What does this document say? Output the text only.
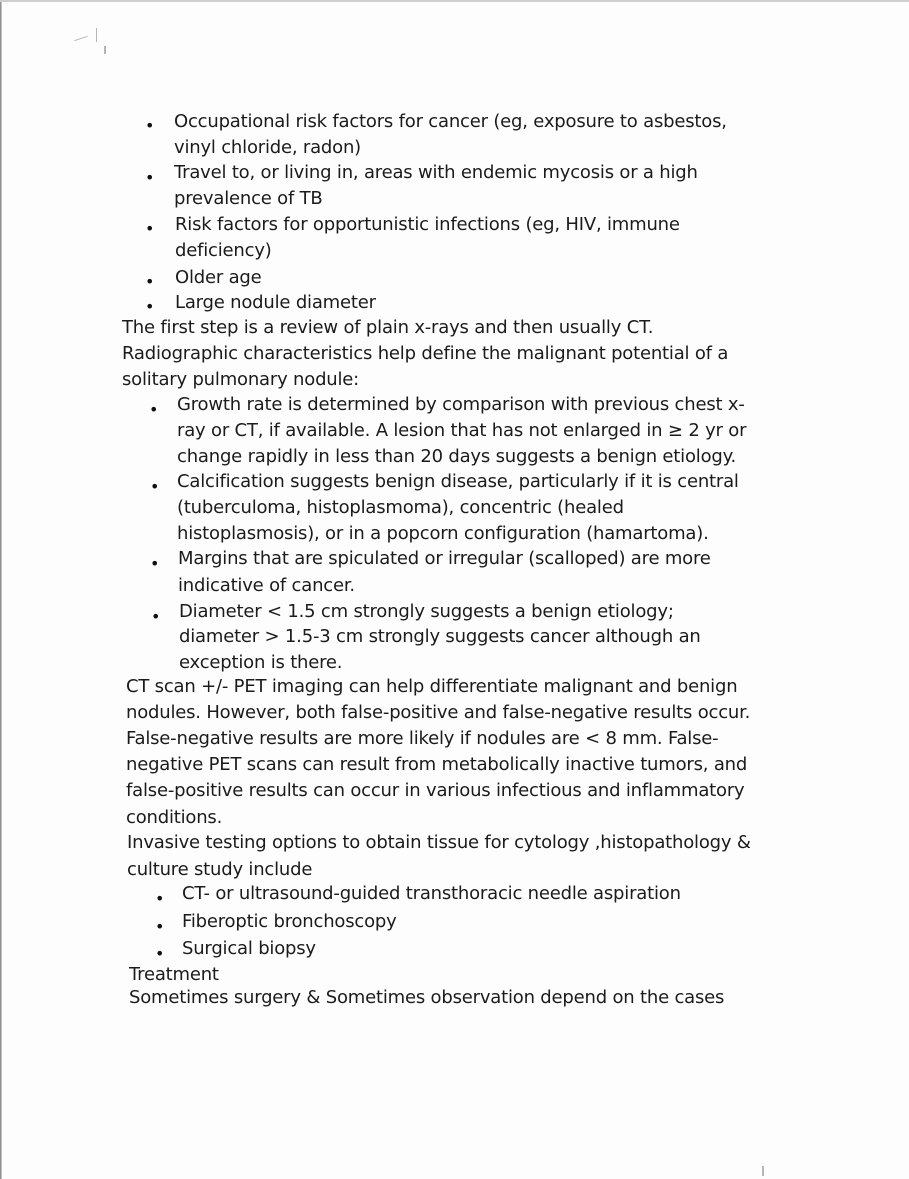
• Occupational risk factors for cancer (eg, exposure to asbestos,
vinyl chloride, radon)
• Travel to, or living in, areas with endemic mycosis or a high
prevalence of TB
• Risk factors for opportunistic infections (eg, HIV, immune
deficiency)
• Older age
• Large nodule diameter
The first step is a review of plain x-rays and then usually CT.
Radiographic characteristics help define the malignant potential of a
solitary pulmonary nodule:
• Growth rate is determined by comparison with previous chest x-
ray or CT, if available. A lesion that has not enlarged in ≥ 2 yr or
change rapidly in less than 20 days suggests a benign etiology.
• Calcification suggests benign disease, particularly if it is central
(tuberculoma, histoplasmoma), concentric (healed
histoplasmosis), or in a popcorn configuration (hamartoma).
• Margins that are spiculated or irregular (scalloped) are more
indicative of cancer.
• Diameter < 1.5 cm strongly suggests a benign etiology;
diameter > 1.5-3 cm strongly suggests cancer although an
exception is there.
CT scan +/- PET imaging can help differentiate malignant and benign
nodules. However, both false-positive and false-negative results occur.
False-negative results are more likely if nodules are < 8 mm. False-
negative PET scans can result from metabolically inactive tumors, and
false-positive results can occur in various infectious and inflammatory
conditions.
Invasive testing options to obtain tissue for cytology ,histopathology &
culture study include
• CT- or ultrasound-guided transthoracic needle aspiration
• Fiberoptic bronchoscopy
• Surgical biopsy
Treatment
Sometimes surgery & Sometimes observation depend on the cases
